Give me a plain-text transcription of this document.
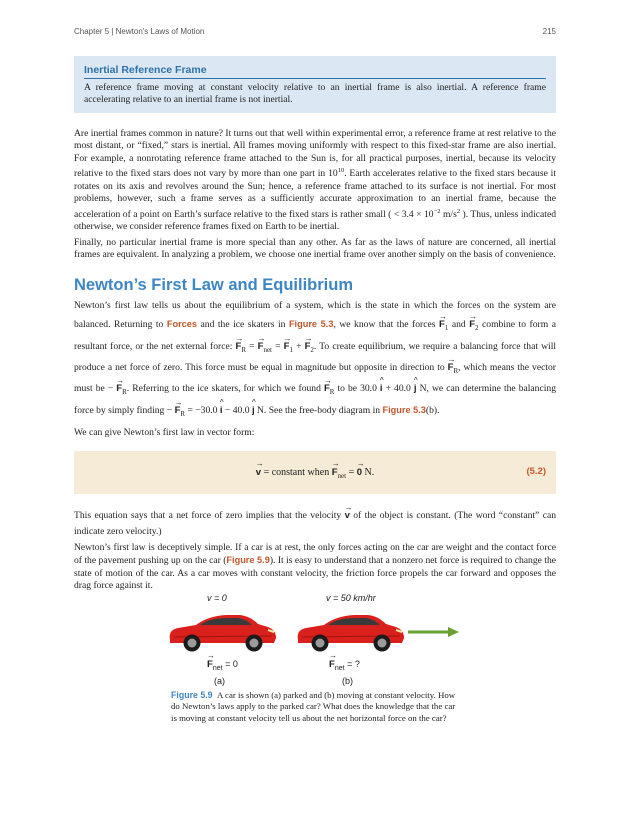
Chapter 5 | Newton's Laws of Motion	215
Inertial Reference Frame
A reference frame moving at constant velocity relative to an inertial frame is also inertial. A reference frame accelerating relative to an inertial frame is not inertial.
Are inertial frames common in nature? It turns out that well within experimental error, a reference frame at rest relative to the most distant, or “fixed,” stars is inertial. All frames moving uniformly with respect to this fixed-star frame are also inertial. For example, a nonrotating reference frame attached to the Sun is, for all practical purposes, inertial, because its velocity relative to the fixed stars does not vary by more than one part in $10^{10}$. Earth accelerates relative to the fixed stars because it rotates on its axis and revolves around the Sun; hence, a reference frame attached to its surface is not inertial. For most problems, however, such a frame serves as a sufficiently accurate approximation to an inertial frame, because the acceleration of a point on Earth’s surface relative to the fixed stars is rather small ( < $3.4 \times 10^{-2}$ $m/s^2$ ). Thus, unless indicated otherwise, we consider reference frames fixed on Earth to be inertial.
Finally, no particular inertial frame is more special than any other. As far as the laws of nature are concerned, all inertial frames are equivalent. In analyzing a problem, we choose one inertial frame over another simply on the basis of convenience.
Newton’s First Law and Equilibrium
Newton’s first law tells us about the equilibrium of a system, which is the state in which the forces on the system are balanced. Returning to Forces and the ice skaters in Figure 5.3, we know that the forces → $F_1$ and → $F_2$ combine to form a resultant force, or the net external force: → $F_R$ = → $F_{net}$ = → $F_1$ + → $F_2$. To create equilibrium, we require a balancing force that will produce a net force of zero. This force must be equal in magnitude but opposite in direction to → $F_R$, which means the vector must be − → $F_R$. Referring to the ice skaters, for which we found → $F_R$ to be 30.0 ^ i + 40.0 ^ j N, we can determine the balancing force by simply finding − → $F_R = -30.0$ ^ i − 40.0 ^ j N. See the free-body diagram in Figure 5.3(b).
We can give Newton’s first law in vector form:
→ v = constant when → $F_{net}$ = → 0 N.	(5.2)
This equation says that a net force of zero implies that the velocity → v of the object is constant. (The word “constant” can indicate zero velocity.)
Newton’s first law is deceptively simple. If a car is at rest, the only forces acting on the car are weight and the contact force of the pavement pushing up on the car (Figure 5.9). It is easy to understand that a nonzero net force is required to change the state of motion of the car. As a car moves with constant velocity, the friction force propels the car forward and opposes the drag force against it.
v = 0	v = 50 km/hr
→ $F_{net} = 0$	→ $F_{net}$ = ?
(a)	(b)
Figure 5.9 A car is shown (a) parked and (b) moving at constant velocity. How do Newton’s laws apply to the parked car? What does the knowledge that the car is moving at constant velocity tell us about the net horizontal force on the car?
